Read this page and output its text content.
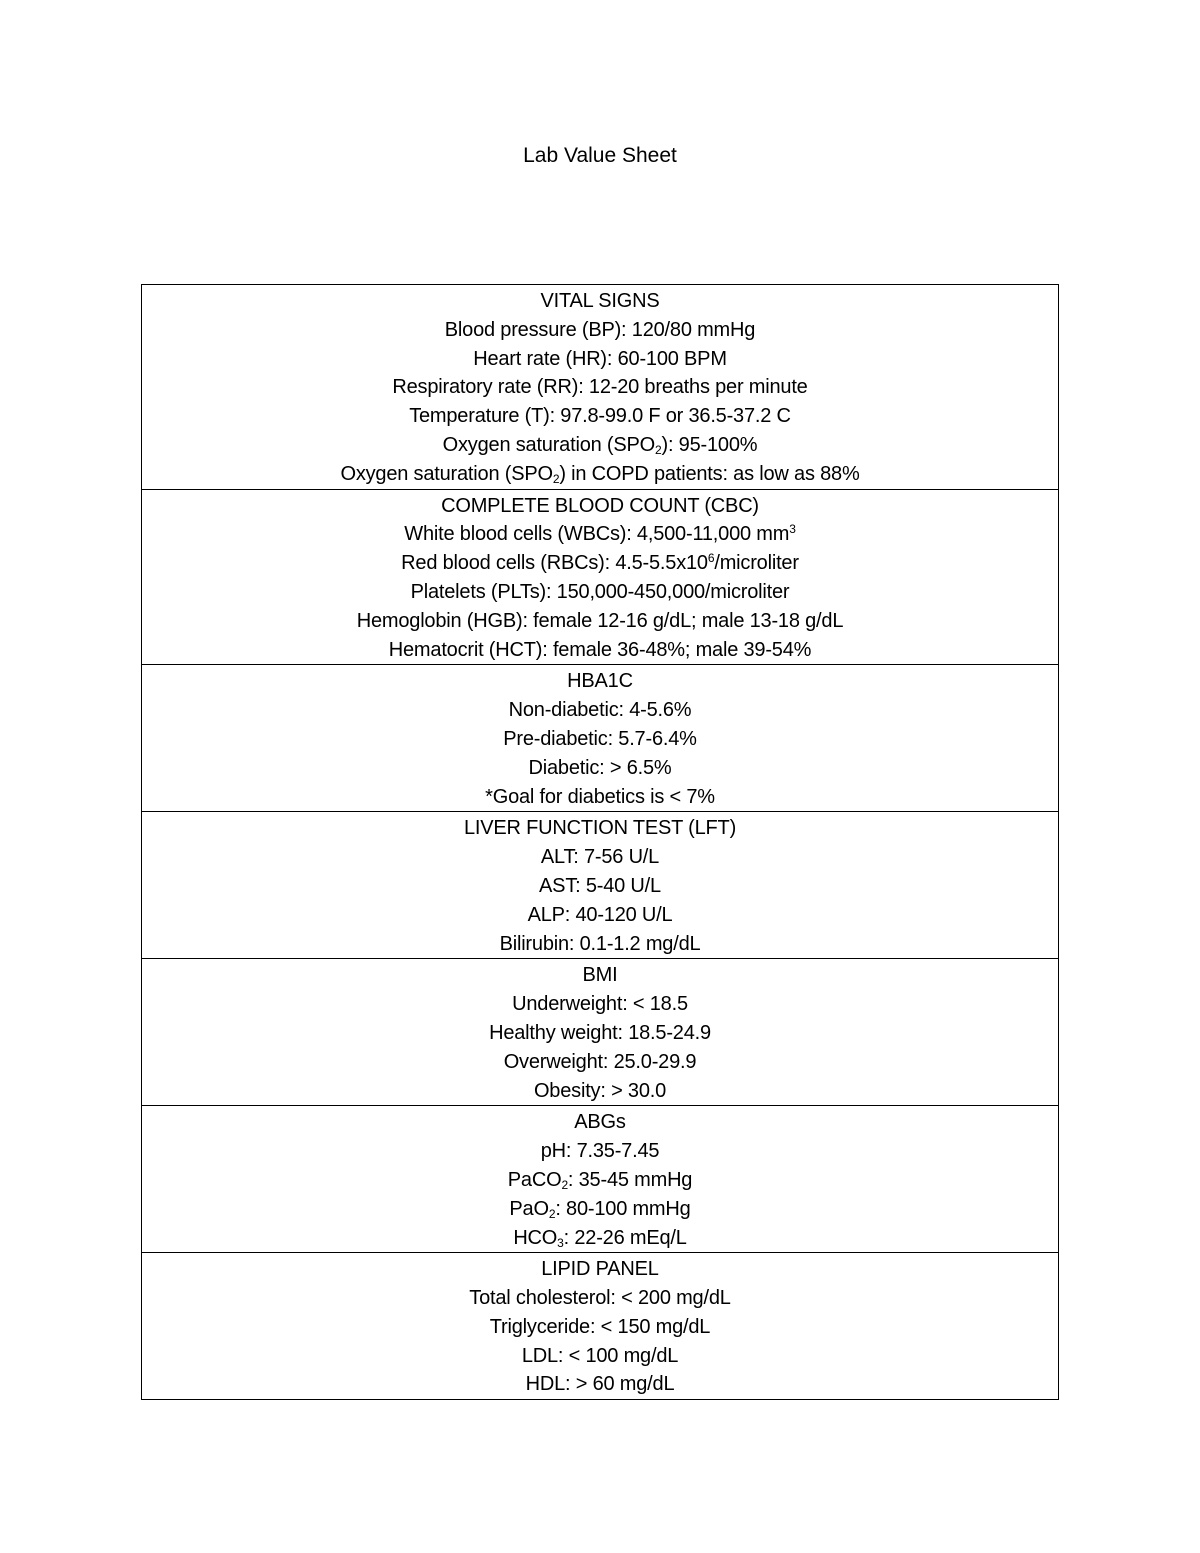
Lab Value Sheet
VITAL SIGNS
Blood pressure (BP): 120/80 mmHg
Heart rate (HR): 60-100 BPM
Respiratory rate (RR): 12-20 breaths per minute
Temperature (T): 97.8-99.0 F or 36.5-37.2 C
Oxygen saturation $(SPO_2)$: 95-100%
Oxygen saturation $(SPO_2)$ in COPD patients: as low as 88%
COMPLETE BLOOD COUNT (CBC)
White blood cells (WBCs): 4,500-11,000 $mm^3$
Red blood cells (RBCs): $4.5-5.5x10^6$/microliter
Platelets (PLTs): 150,000-450,000/microliter
Hemoglobin (HGB): female 12-16 g/dL; male 13-18 g/dL
Hematocrit (HCT): female 36-48%; male 39-54%
HBA1C
Non-diabetic: 4-5.6%
Pre-diabetic: 5.7-6.4%
Diabetic: > 6.5%
*Goal for diabetics is < 7%
LIVER FUNCTION TEST (LFT)
ALT: 7-56 U/L
AST: 5-40 U/L
ALP: 40-120 U/L
Bilirubin: 0.1-1.2 mg/dL
BMI
Underweight: < 18.5
Healthy weight: 18.5-24.9
Overweight: 25.0-29.9
Obesity: > 30.0
ABGs
pH: 7.35-7.45
PaCO$_2$: 35-45 mmHg
PaO$_2$: 80-100 mmHg
$HCO_3$: 22-26 mEq/L
LIPID PANEL
Total cholesterol: < 200 mg/dL
Triglyceride: < 150 mg/dL
LDL: < 100 mg/dL
HDL: > 60 mg/dL
